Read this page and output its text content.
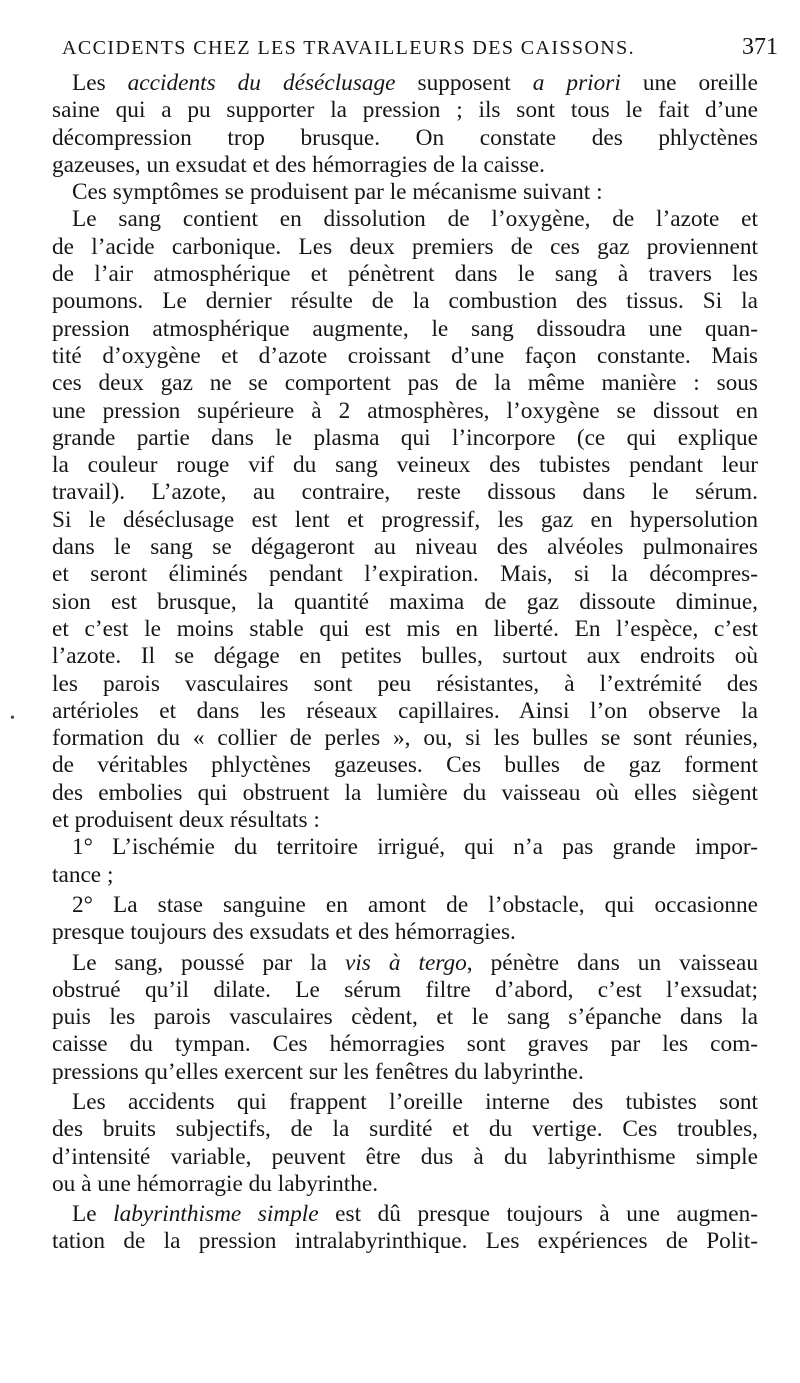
ACCIDENTS CHEZ LES TRAVAILLEURS DES CAISSONS.	371
•
Les accidents du déséclusage supposent a priori une oreille
saine qui a pu supporter la pression ; ils sont tous le fait d’une
décompression trop brusque. On constate des phlyctènes
gazeuses, un exsudat et des hémorragies de la caisse.
Ces symptômes se produisent par le mécanisme suivant :
Le sang contient en dissolution de l’oxygène, de l’azote et
de l’acide carbonique. Les deux premiers de ces gaz proviennent
de l’air atmosphérique et pénètrent dans le sang à travers les
poumons. Le dernier résulte de la combustion des tissus. Si la
pression atmosphérique augmente, le sang dissoudra une quan-
tité d’oxygène et d’azote croissant d’une façon constante. Mais
ces deux gaz ne se comportent pas de la même manière : sous
une pression supérieure à 2 atmosphères, l’oxygène se dissout en
grande partie dans le plasma qui l’incorpore (ce qui explique
la couleur rouge vif du sang veineux des tubistes pendant leur
travail). L’azote, au contraire, reste dissous dans le sérum.
Si le déséclusage est lent et progressif, les gaz en hypersolution
dans le sang se dégageront au niveau des alvéoles pulmonaires
et seront éliminés pendant l’expiration. Mais, si la décompres-
sion est brusque, la quantité maxima de gaz dissoute diminue,
et c’est le moins stable qui est mis en liberté. En l’espèce, c’est
l’azote. Il se dégage en petites bulles, surtout aux endroits où
les parois vasculaires sont peu résistantes, à l’extrémité des
artérioles et dans les réseaux capillaires. Ainsi l’on observe la
formation du « collier de perles », ou, si les bulles se sont réunies,
de véritables phlyctènes gazeuses. Ces bulles de gaz forment
des embolies qui obstruent la lumière du vaisseau où elles siègent
et produisent deux résultats :
1° L’ischémie du territoire irrigué, qui n’a pas grande impor-
tance ;
2° La stase sanguine en amont de l’obstacle, qui occasionne
presque toujours des exsudats et des hémorragies.
Le sang, poussé par la vis à tergo, pénètre dans un vaisseau
obstrué qu’il dilate. Le sérum filtre d’abord, c’est l’exsudat;
puis les parois vasculaires cèdent, et le sang s’épanche dans la
caisse du tympan. Ces hémorragies sont graves par les com-
pressions qu’elles exercent sur les fenêtres du labyrinthe.
Les accidents qui frappent l’oreille interne des tubistes sont
des bruits subjectifs, de la surdité et du vertige. Ces troubles,
d’intensité variable, peuvent être dus à du labyrinthisme simple
ou à une hémorragie du labyrinthe.
Le labyrinthisme simple est dû presque toujours à une augmen-
tation de la pression intralabyrinthique. Les expériences de Polit-
